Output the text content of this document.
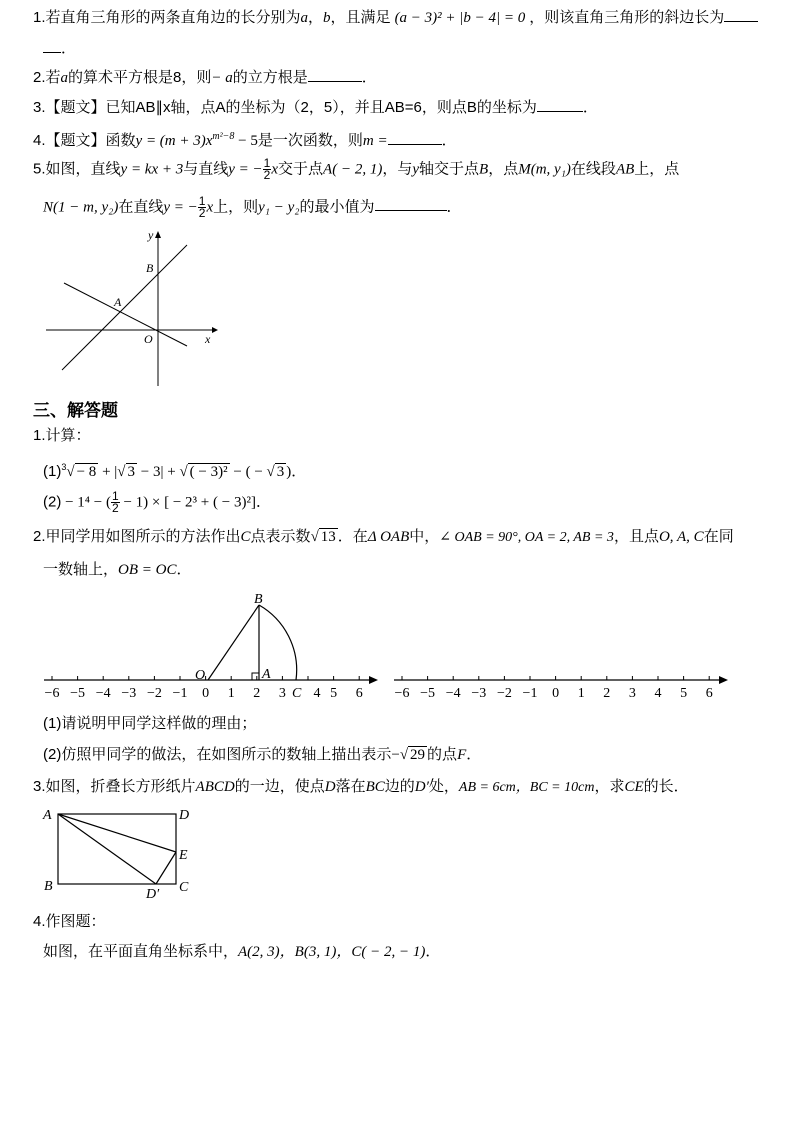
1.若直角三角形的两条直角边的长分别为a，b，且满足 (a − 3)² + |b − 4| = 0 ，则该直角三角形的斜边长为
．
2.若a的算术平方根是8，则− a的立方根是	．
3.【题文】已知AB∥x轴，点A的坐标为（2，5），并且AB=6，则点B的坐标为	．
4.【题文】函数$y = (m + 3)x^{m^2-8} - 5$是一次函数，则m =	．
5.如图，直线y = kx + 3与直线y = − $\frac{1}{2}$ x交于点A( − 2, 1)，与y轴交于点B，点M(m, y₁)在线段AB上，点
N(1 − m, y₂)在直线y = − $\frac{1}{2}$ x上，则y₁ − y₂的最小值为	．
y
B
A
O	x
三、解答题
1.计算：
$(1)^3√ - 8$ + |√ 3 − 3| + √ ( − 3)² − ( − √ 3 )．
(2) − 1⁴ − ( $\frac{1}{2} - 1$) × [ − 2³ + ( − 3)²]．
2.甲同学用如图所示的方法作出C点表示数√ 13 ．在Δ OAB中，∠ OAB = 90°, OA = 2, AB = 3，且点O, A, C在同
一数轴上，OB = OC．
−6 −5 −4 −3 −2 −1 0 1 2 3 4 5 6
B
A
O
C	−6 −5 −4 −3 −2 −1 0 1 2 3 4 5 6
(1)请说明甲同学这样做的理由；
(2)仿照甲同学的做法，在如图所示的数轴上描出表示−√ 29 的点F．
3.如图，折叠长方形纸片ABCD的一边，使点D落在BC边的D′处，AB = 6cm，BC = 10cm，求CE的长．
A	D
E
B
D′ C
4.作图题：
如图，在平面直角坐标系中，A(2, 3)，B(3, 1)，C( − 2, − 1)．
